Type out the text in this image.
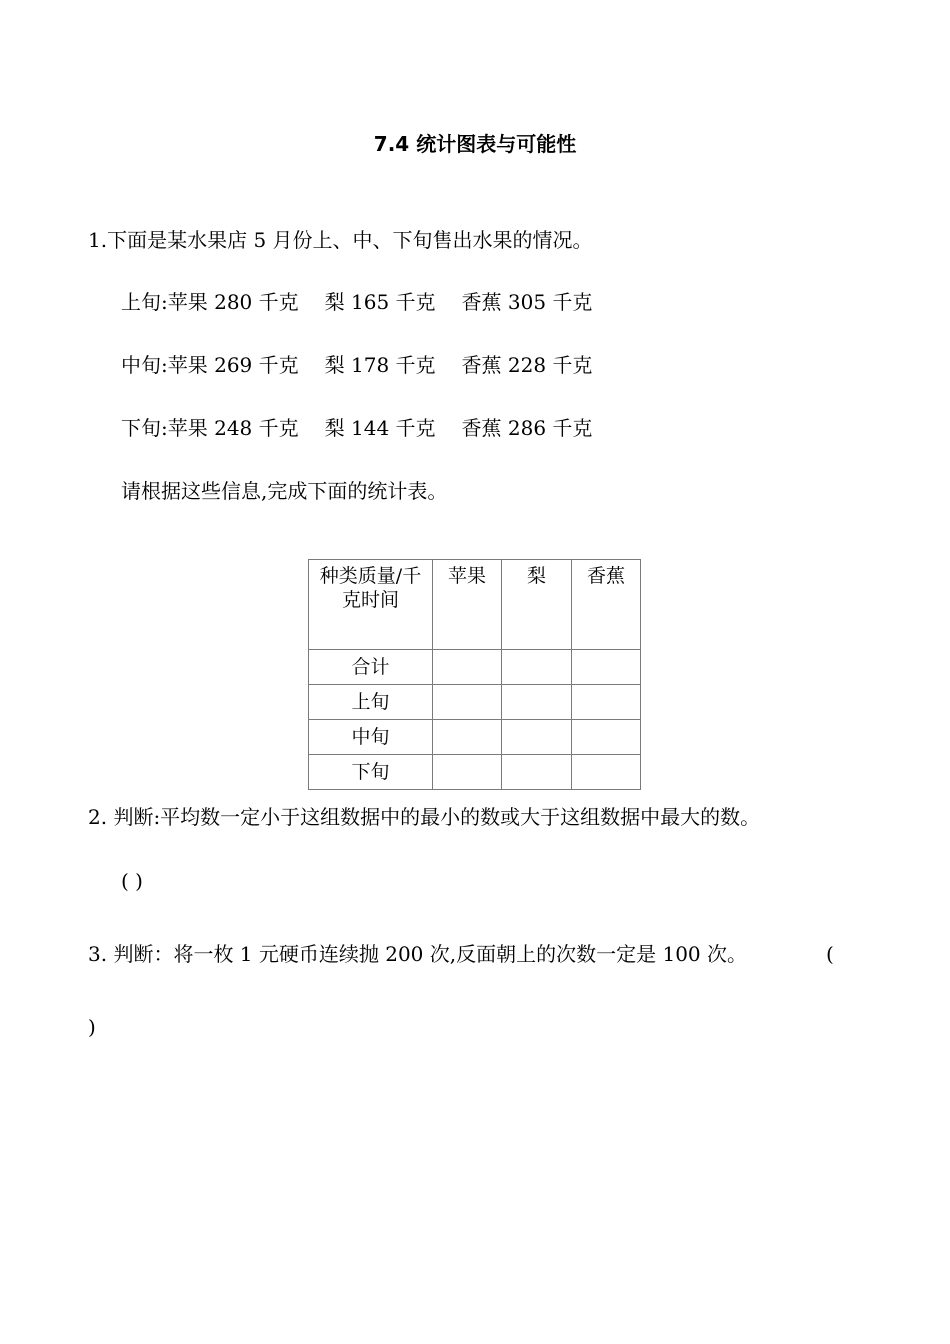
7.4 统计图表与可能性
1.下面是某水果店 5 月份上、中、下旬售出水果的情况。
上旬:苹果 280 千克 梨 165 千克 香蕉 305 千克
中旬:苹果 269 千克 梨 178 千克 香蕉 228 千克
下旬:苹果 248 千克 梨 144 千克 香蕉 286 千克
请根据这些信息,完成下面的统计表。
种类质量/千克时间	苹果	梨	香蕉
合计			
上旬			
中旬			
下旬			
2. 判断:平均数一定小于这组数据中的最小的数或大于这组数据中最大的数。
( )
3. 判断：将一枚 1 元硬币连续抛 200 次,反面朝上的次数一定是 100 次。	(
)
